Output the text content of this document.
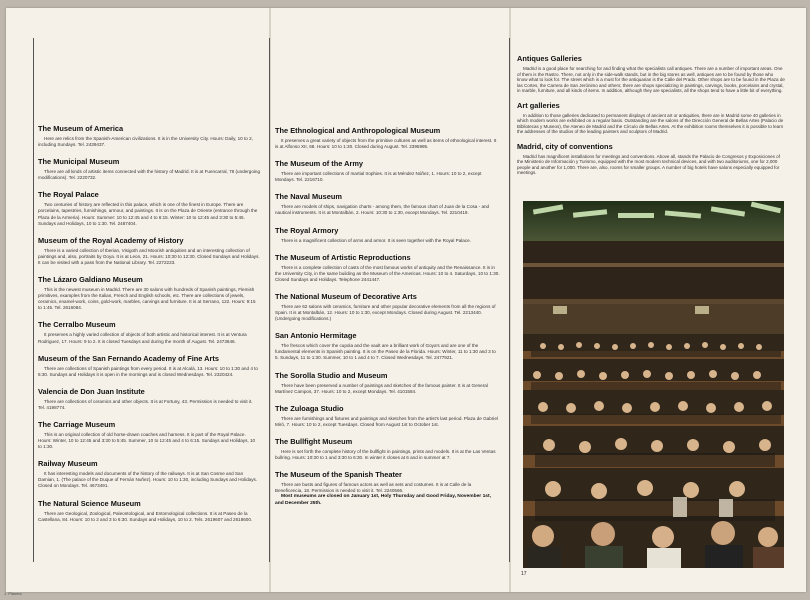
The Museum of America

Here are relics from the Spanish-American civilizations. It is in the University City. Hours: Daily, 10 to 2, including Sundays. Tel. 2439437.

The Municipal Museum

There are all kinds of artistic items connected with the history of Madrid. It is at Fuencarral, 78 (undergoing modifications). Tel. 2220732.

The Royal Palace

Two centuries of history are reflected in this palace, which is one of the finest in Europe. There are porcelains, tapestries, furnishings, armour, and paintings. It is on the Plaza de Oriente (entrance through the Plaza de la Armeria). Hours: Summer: 10 to 12:45 and 4 to 6:15. Winter: 10 to 12:45 and 3:30 to 5:45. Sundays and Holidays, 10 to 1:30. Tel. 2487404.

Museum of the Royal Academy of History

There is a varied collection of Iberian, Visigoth and Moorish antiquities and an interesting collection of paintings and, also, portraits by Goya. It is at Leon, 21. Hours: 10:30 to 12:30. Closed Sundays and Holidays. It can be visited with a pass from the National Library. Tel. 2272223.

The Lázaro Galdiano Museum

This is the newest museum in Madrid. There are 30 salons with hundreds of Spanish paintings, Flemish primitives, examples from the Italian, French and English schools, etc. There are collections of jewels, ceramics, enamel-work, coins, gold-work, marbles, carvings and furniture. It is at Serrano, 122. Hours: 9:15 to 1:45. Tel. 2616084.

The Cerralbo Museum

It preserves a highly varied collection of objects of both artistic and historical interest. It is at Ventura Rodriguez, 17. Hours: 9 to 2. It is closed Tuesdays and during the month of August. Tel. 2473646.

Museum of the San Fernando Academy of Fine Arts

There are collections of Spanish paintings from every period. It is at Alcalá, 13. Hours: 10 to 1:30 and 4 to 6:30. Sundays and Holidays it is open in the mornings and is closed Wednesdays. Tel. 2320424.

Valencia de Don Juan Institute

There are collections of ceramics and other objects. It is at Fortuny, 43. Permission is needed to visit it. Tel. 4198774.

The Carriage Museum

This is an original collection of old horse-drawn coaches and harness. It is part of the Royal Palace. Hours: Winter, 10 to 12:45 and 3:30 to 5:45. Summer, 10 to 12:45 and 4 to 6:15. Sundays and Holidays, 10 to 1:30.

Railway Museum

It has interesting models and documents of the history of the railways. It is at San Cosme and San Damian, 1. (The palace of the Duque of Fernán Nuñez). Hours: 10 to 1:30, including Sundays and Holidays. Closed on Mondays. Tel. 4673491.

The Natural Science Museum

There are Geological, Zoological, Paleontological, and Entomological collections. It is at Paseo de la Castellana, 84. Hours: 10 to 2 and 3 to 6:30. Sundays and Holidays, 10 to 2. Tels. 2619607 and 2618600.

The Ethnological and Anthropological Museum

It preserves a great variety of objects from the primitive cultures as well as items of ethnological interest. It is at Alfonso XII, 68. Hours: 10 to 1:30. Closed during August. Tel. 2395995.

The Museum of the Army

There are important collections of martial trophies. It is at Méndez Núñez, 1. Hours: 10 to 2, except Mondays. Tel. 2216710.

The Naval Museum

There are models of ships, navigation charts - among them, the famous chart of Juan de la Cosa - and nautical instruments. It is at Montalbán, 2. Hours: 10:30 to 1:30, except Mondays. Tel. 2210419.

The Royal Armory

There is a magnificent collection of arms and armor. It is seen together with the Royal Palace.

The Museum of Artistic Reproductions

There is a complete collection of casts of the most famous works of antiquity and the Renaissance. It is in the University City, in the same building as the Museum of the Americas. Hours: 10 to 4. Saturdays, 10 to 1:30. Closed Sundays and Holidays. Telephone 2441447.

The National Museum of Decorative Arts

There are 62 salons with ceramics, furniture and other popular decorative elements from all the regions of Spain. It is at Montalbán, 12. Hours: 10 to 1:30, except Mondays. Closed during August. Tel. 2213440. (Undergoing modifications.)

San Antonio Hermitage

The frescos which cover the cupola and the vault are a brilliant work of Goya's and are one of the fundamental elements in Spanish painting. It is on the Paseo de la Florida. Hours: Winter, 11 to 1:30 and 3 to 5. Sundays, 11 to 1:30. Summer, 10 to 1 and 4 to 7. Closed Wednesdays. Tel. 2477921.

The Sorolla Studio and Museum

There have been preserved a number of paintings and sketches of the famous painter. It is at General Martínez Campos, 37. Hours: 10 to 2, except Mondays. Tel. 4101584.

The Zuloaga Studio

There are furnishings and fixtures and paintings and sketches from the artist's last period. Plaza de Gabriel Miró, 7. Hours: 10 to 2, except Tuesdays. Closed from August 1st to October 1st.

The Bullfight Museum

Here is set forth the complete history of the bullfight in paintings, prints and models. It is at the Las Ventas bullring. Hours: 10:30 to 1 and 3:30 to 6:30. In winter it closes at 6 and in summer at 7.

The Museum of the Spanish Theater

There are busts and figures of famous actors as well as sets and costumes. It is at Calle de la Beneficencia, 18. Permission is needed to visit it. Tel. 2240566.

Most museums are closed on January 1st, Holy Thursday and Good Friday, November 1st, and December 25th.

Antiques Galleries

Madrid is a good place for searching for and finding what the specialists call antiques. There are a number of important areas. One of them is the Rastro. There, not only in the side-walk stands, but in the big stores as well, antiques are to be found by those who know what to look for. The street which is a must for the antiquarian is the Calle del Prado. Other shops are to be found in the Plaza de las Cortes, the Carrera de San Jerónimo and others; there are shops specializing in paintings, carvings, books, porcelains and crystal, in marble, furniture, and all kinds of items. In addition, although they are specialists, all the shops tend to have a little bit of everything.

Art galleries

In addition to those galleries dedicated to permanent displays of ancient art or antiquities, there are in Madrid some 40 galleries in which modern works are exhibited on a regular basis. Outstanding are the salons of the Dirección General de Bellas Artes (Palacio de Bibliotecas y Museos), the Ateneo de Madrid and the Círculo de Bellas Artes. At the exhibition rooms themselves it is possible to learn the addresses of the studios of the leading painters and sculptors of Madrid.

Madrid, city of conventions

Madrid has magnificent installations for meetings and conventions. Above all, stands the Palacio de Congresos y Exposiciones of the Ministerio de Información y Turismo, equipped with the most modern technical devices, and with two auditoriums, one for 2,000 people and another for 1,000. There are, also, rooms for smaller groups. A number of big hotels have salons especially equipped for meetings.

17
J. Plasma
